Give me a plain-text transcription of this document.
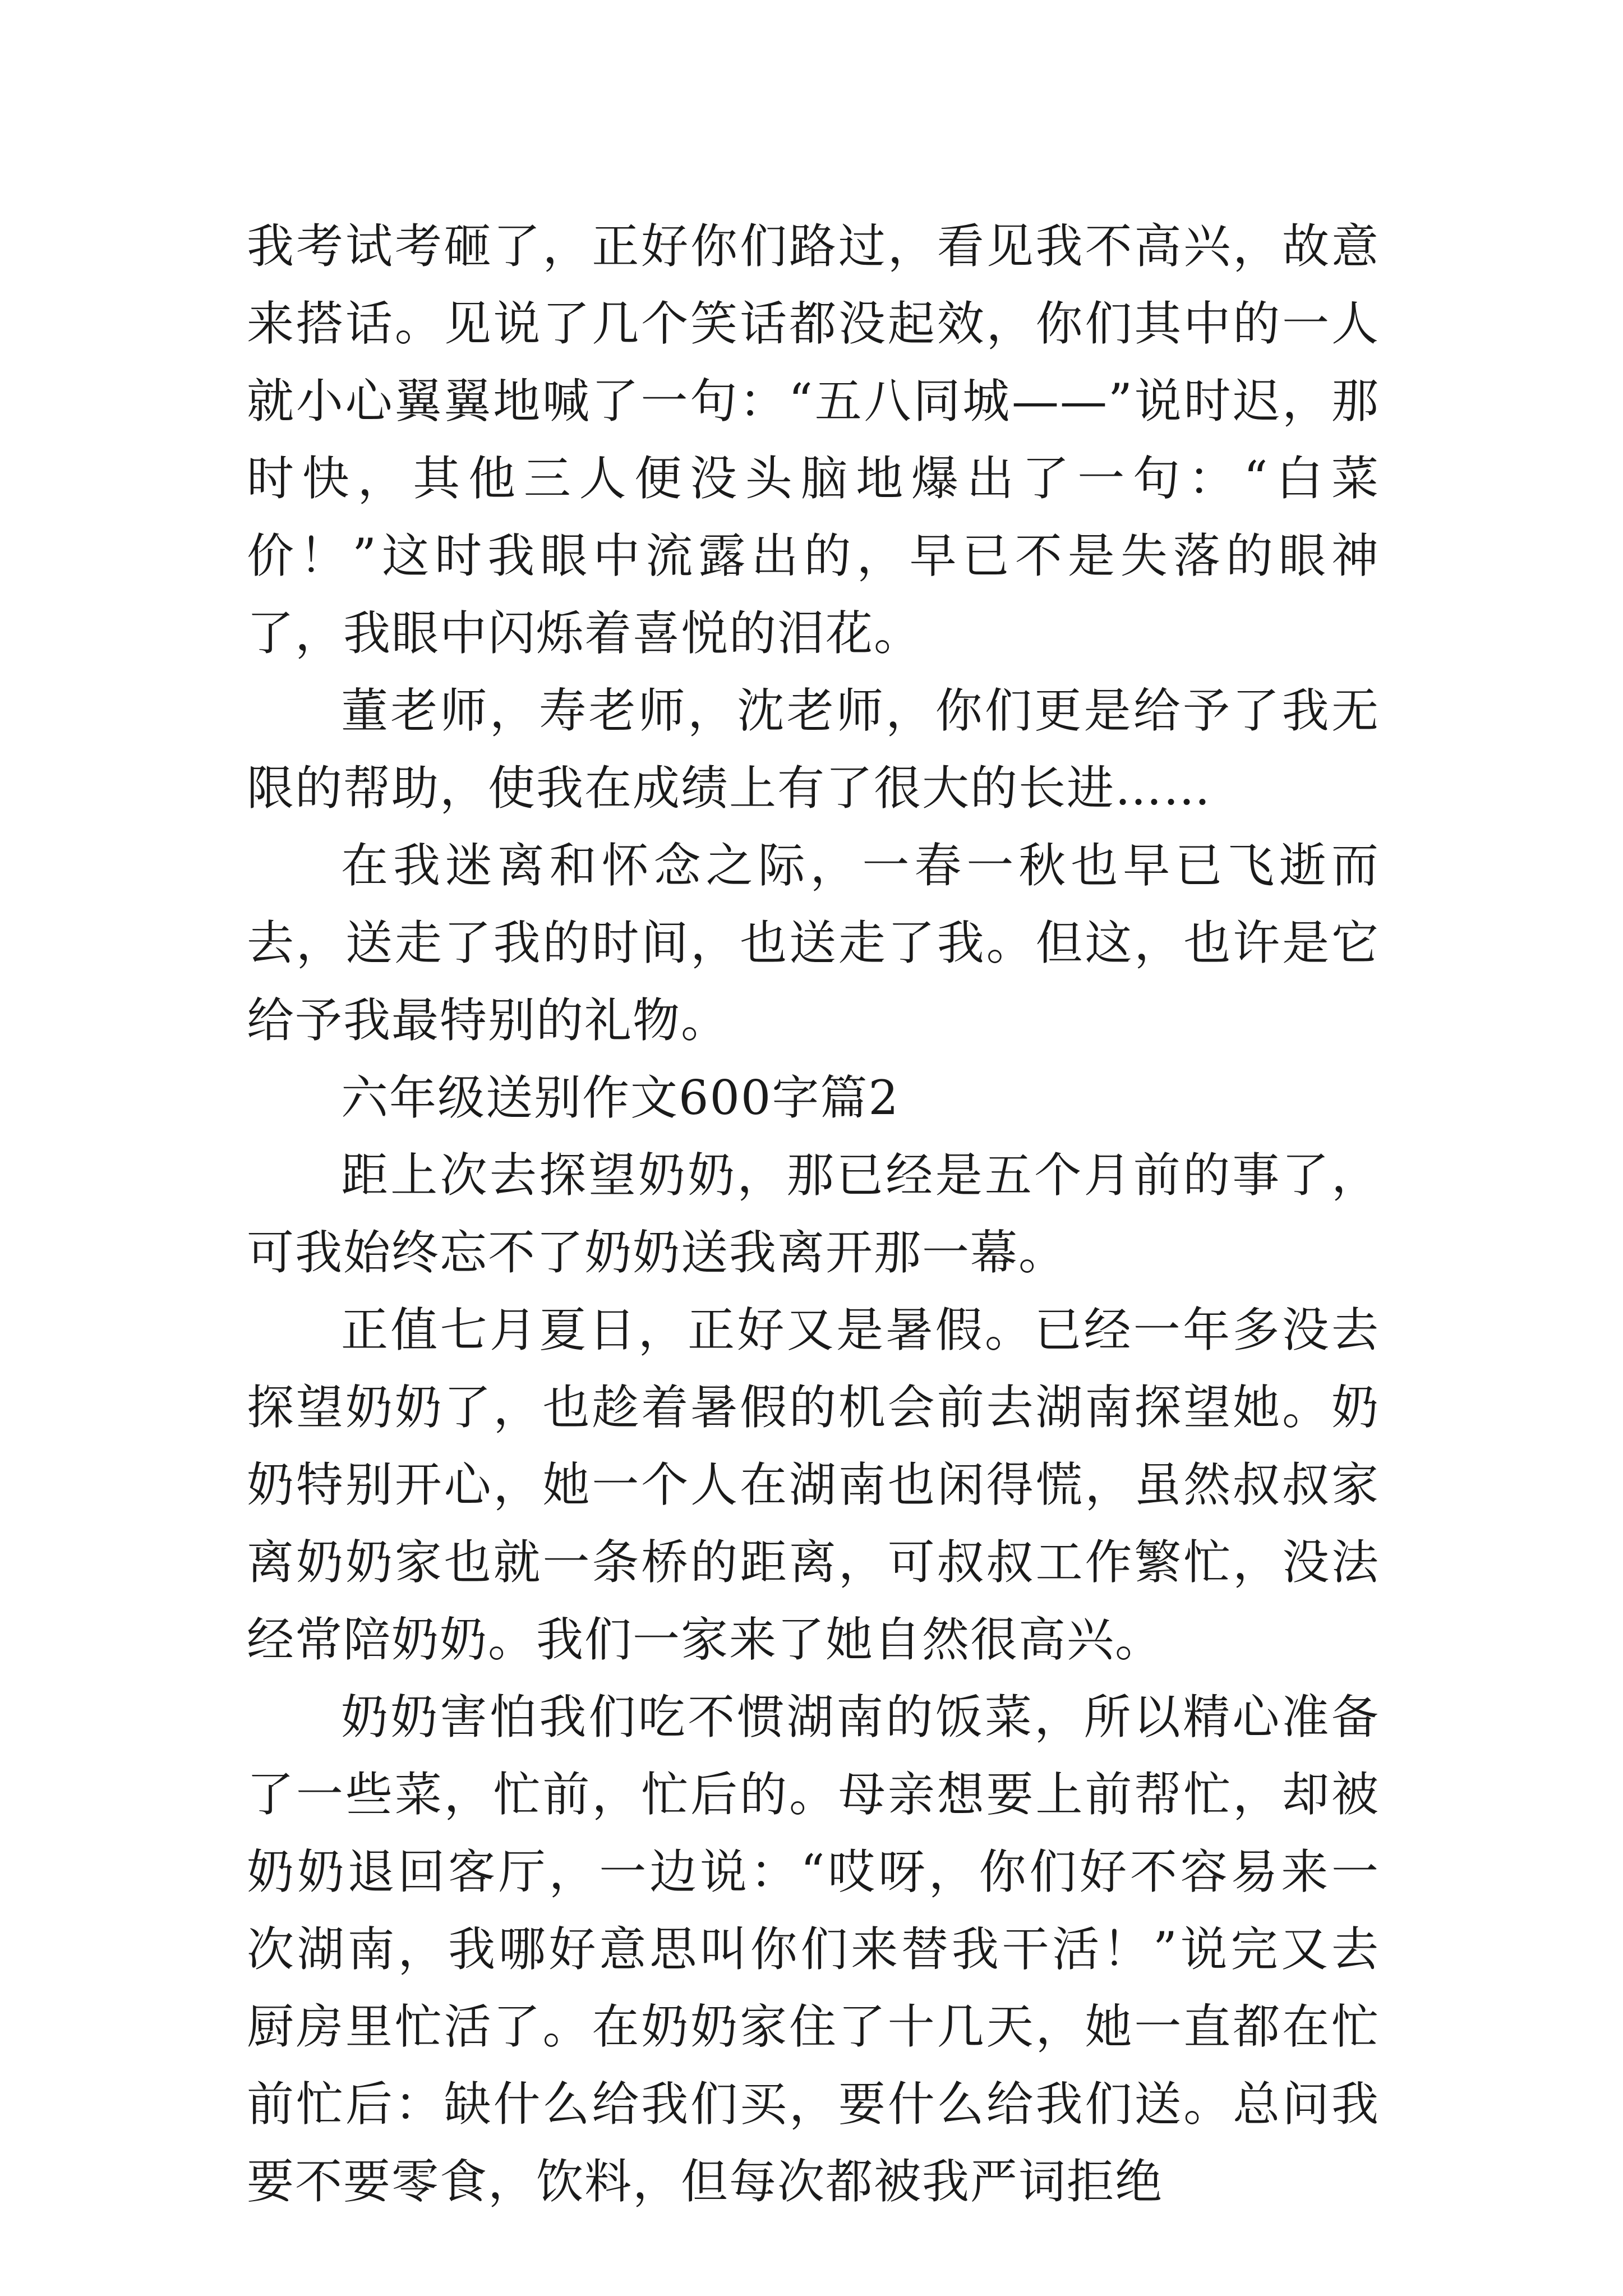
我考试考砸了，正好你们路过，看见我不高兴，故意来搭话。见说了几个笑话都没起效，你们其中的一人就小心翼翼地喊了一句：“五八同城——”说时迟，那时快，其他三人便没头脑地爆出了一句：“白菜价！”这时我眼中流露出的，早已不是失落的眼神了，我眼中闪烁着喜悦的泪花。

董老师，寿老师，沈老师，你们更是给予了我无限的帮助，使我在成绩上有了很大的长进……

在我迷离和怀念之际，一春一秋也早已飞逝而去，送走了我的时间，也送走了我。但这，也许是它给予我最特别的礼物。

六年级送别作文600字篇2

距上次去探望奶奶，那已经是五个月前的事了，可我始终忘不了奶奶送我离开那一幕。

正值七月夏日，正好又是暑假。已经一年多没去探望奶奶了，也趁着暑假的机会前去湖南探望她。奶奶特别开心，她一个人在湖南也闲得慌，虽然叔叔家离奶奶家也就一条桥的距离，可叔叔工作繁忙，没法经常陪奶奶。我们一家来了她自然很高兴。

奶奶害怕我们吃不惯湖南的饭菜，所以精心准备了一些菜，忙前，忙后的。母亲想要上前帮忙，却被奶奶退回客厅，一边说：“哎呀，你们好不容易来一次湖南，我哪好意思叫你们来替我干活！”说完又去厨房里忙活了。在奶奶家住了十几天，她一直都在忙前忙后：缺什么给我们买，要什么给我们送。总问我要不要零食，饮料，但每次都被我严词拒绝
